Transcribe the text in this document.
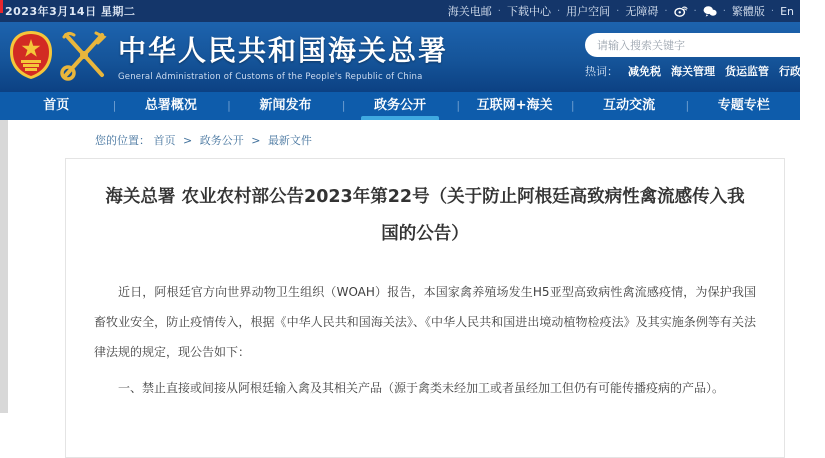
2023年3月14日 星期二	海关电邮 · 下载中心 · 用户空间 · 无障碍 ·	·	· 繁體版 · En
中华人民共和国海关总署
General Administration of Customs of the People's Republic of China
请输入搜索关键字	热词： 减免税 海关管理 货运监管 行政审批
首页	|	总署概况	|	新闻发布	|	政务公开	|	互联网+海关	|	互动交流	|	专题专栏
您的位置： 首页 > 政务公开 > 最新文件
海关总署 农业农村部公告2023年第22号（关于防止阿根廷高致病性禽流感传入我国的公告）

近日，阿根廷官方向世界动物卫生组织（WOAH）报告，本国家禽养殖场发生H5亚型高致病性禽流感疫情，为保护我国畜牧业安全，防止疫情传入，根据《中华人民共和国海关法》、《中华人民共和国进出境动植物检疫法》及其实施条例等有关法律法规的规定，现公告如下：

一、禁止直接或间接从阿根廷输入禽及其相关产品（源于禽类未经加工或者虽经加工但仍有可能传播疫病的产品）。
